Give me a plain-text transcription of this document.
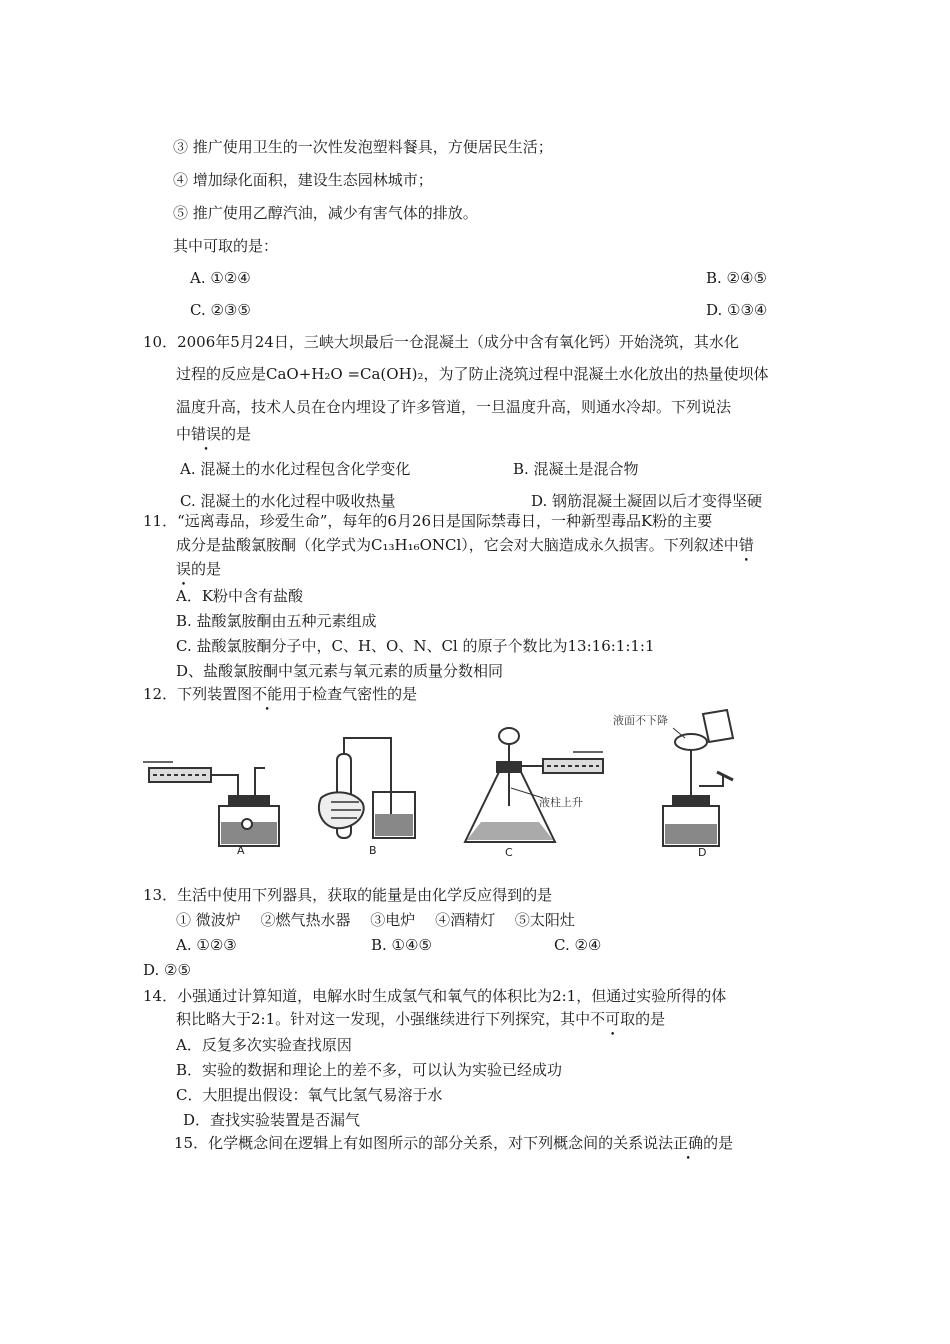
③ 推广使用卫生的一次性发泡塑料餐具，方便居民生活；
④ 增加绿化面积，建设生态园林城市；
⑤ 推广使用乙醇汽油，减少有害气体的排放。
其中可取的是：
A. ①②④	B. ②④⑤
C. ②③⑤	D. ①③④
10．2006年5月24日，三峡大坝最后一仓混凝土（成分中含有氧化钙）开始浇筑，其水化
过程的反应是CaO+H₂O =Ca(OH)₂，为了防止浇筑过程中混凝土水化放出的热量使坝体
温度升高，技术人员在仓内埋设了许多管道，一旦温度升高，则通水冷却。下列说法
中错误的是
A. 混凝土的水化过程包含化学变化	B. 混凝土是混合物
C. 混凝土的水化过程中吸收热量	D. 钢筋混凝土凝固以后才变得坚硬
11．“远离毒品，珍爱生命”，每年的6月26日是国际禁毒日，一种新型毒品K粉的主要
成分是盐酸氯胺酮（化学式为C₁₃H₁₆ONCl），它会对大脑造成永久损害。下列叙述中错
误的是
A．K粉中含有盐酸
B. 盐酸氯胺酮由五种元素组成
C. 盐酸氯胺酮分子中，C、H、O、N、Cl 的原子个数比为13:16:1:1:1
D、盐酸氯胺酮中氢元素与氧元素的质量分数相同
12．下列装置图不能用于检查气密性的是
液柱上升
液面不下降
A	B	C	D
13．生活中使用下列器具，获取的能量是由化学反应得到的是
① 微波炉　 ②燃气热水器　 ③电炉　 ④酒精灯　 ⑤太阳灶
A. ①②③	B. ①④⑤	C. ②④
D. ②⑤
14．小强通过计算知道，电解水时生成氢气和氧气的体积比为2:1，但通过实验所得的体
积比略大于2:1。针对这一发现，小强继续进行下列探究，其中不可取的是
A．反复多次实验查找原因
B．实验的数据和理论上的差不多，可以认为实验已经成功
C．大胆提出假设：氧气比氢气易溶于水
D．查找实验装置是否漏气
15．化学概念间在逻辑上有如图所示的部分关系，对下列概念间的关系说法正确的是
